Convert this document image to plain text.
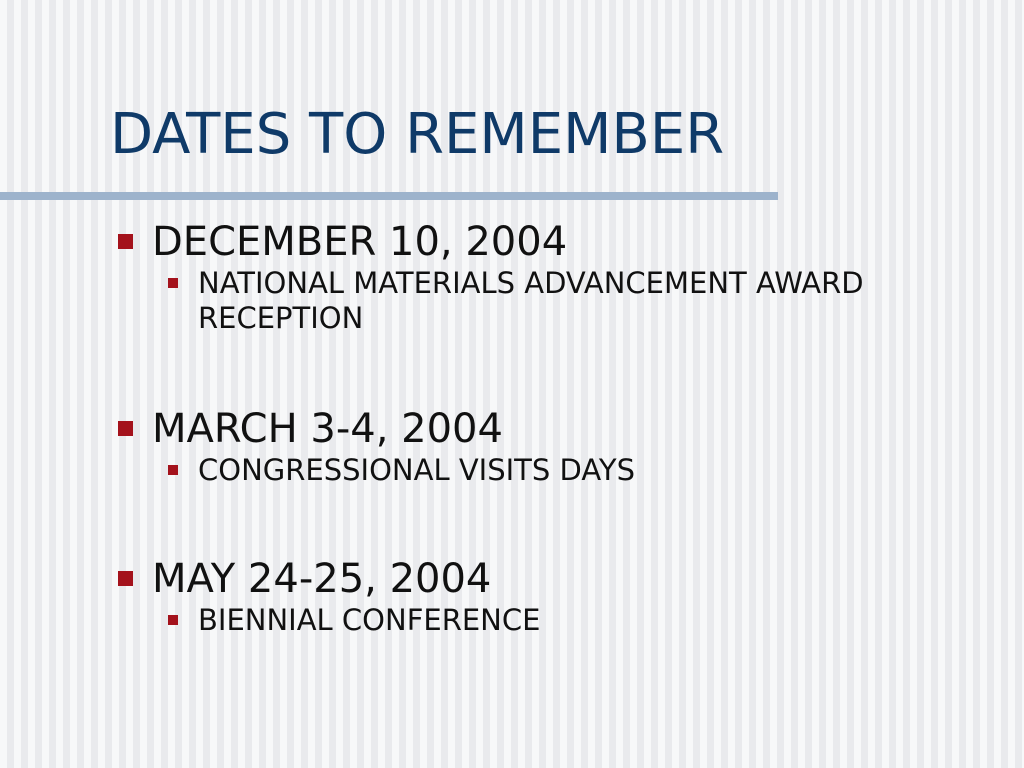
DATES TO REMEMBER
DECEMBER 10, 2004
NATIONAL MATERIALS ADVANCEMENT AWARD RECEPTION
MARCH 3-4, 2004
CONGRESSIONAL VISITS DAYS
MAY 24-25, 2004
BIENNIAL CONFERENCE
